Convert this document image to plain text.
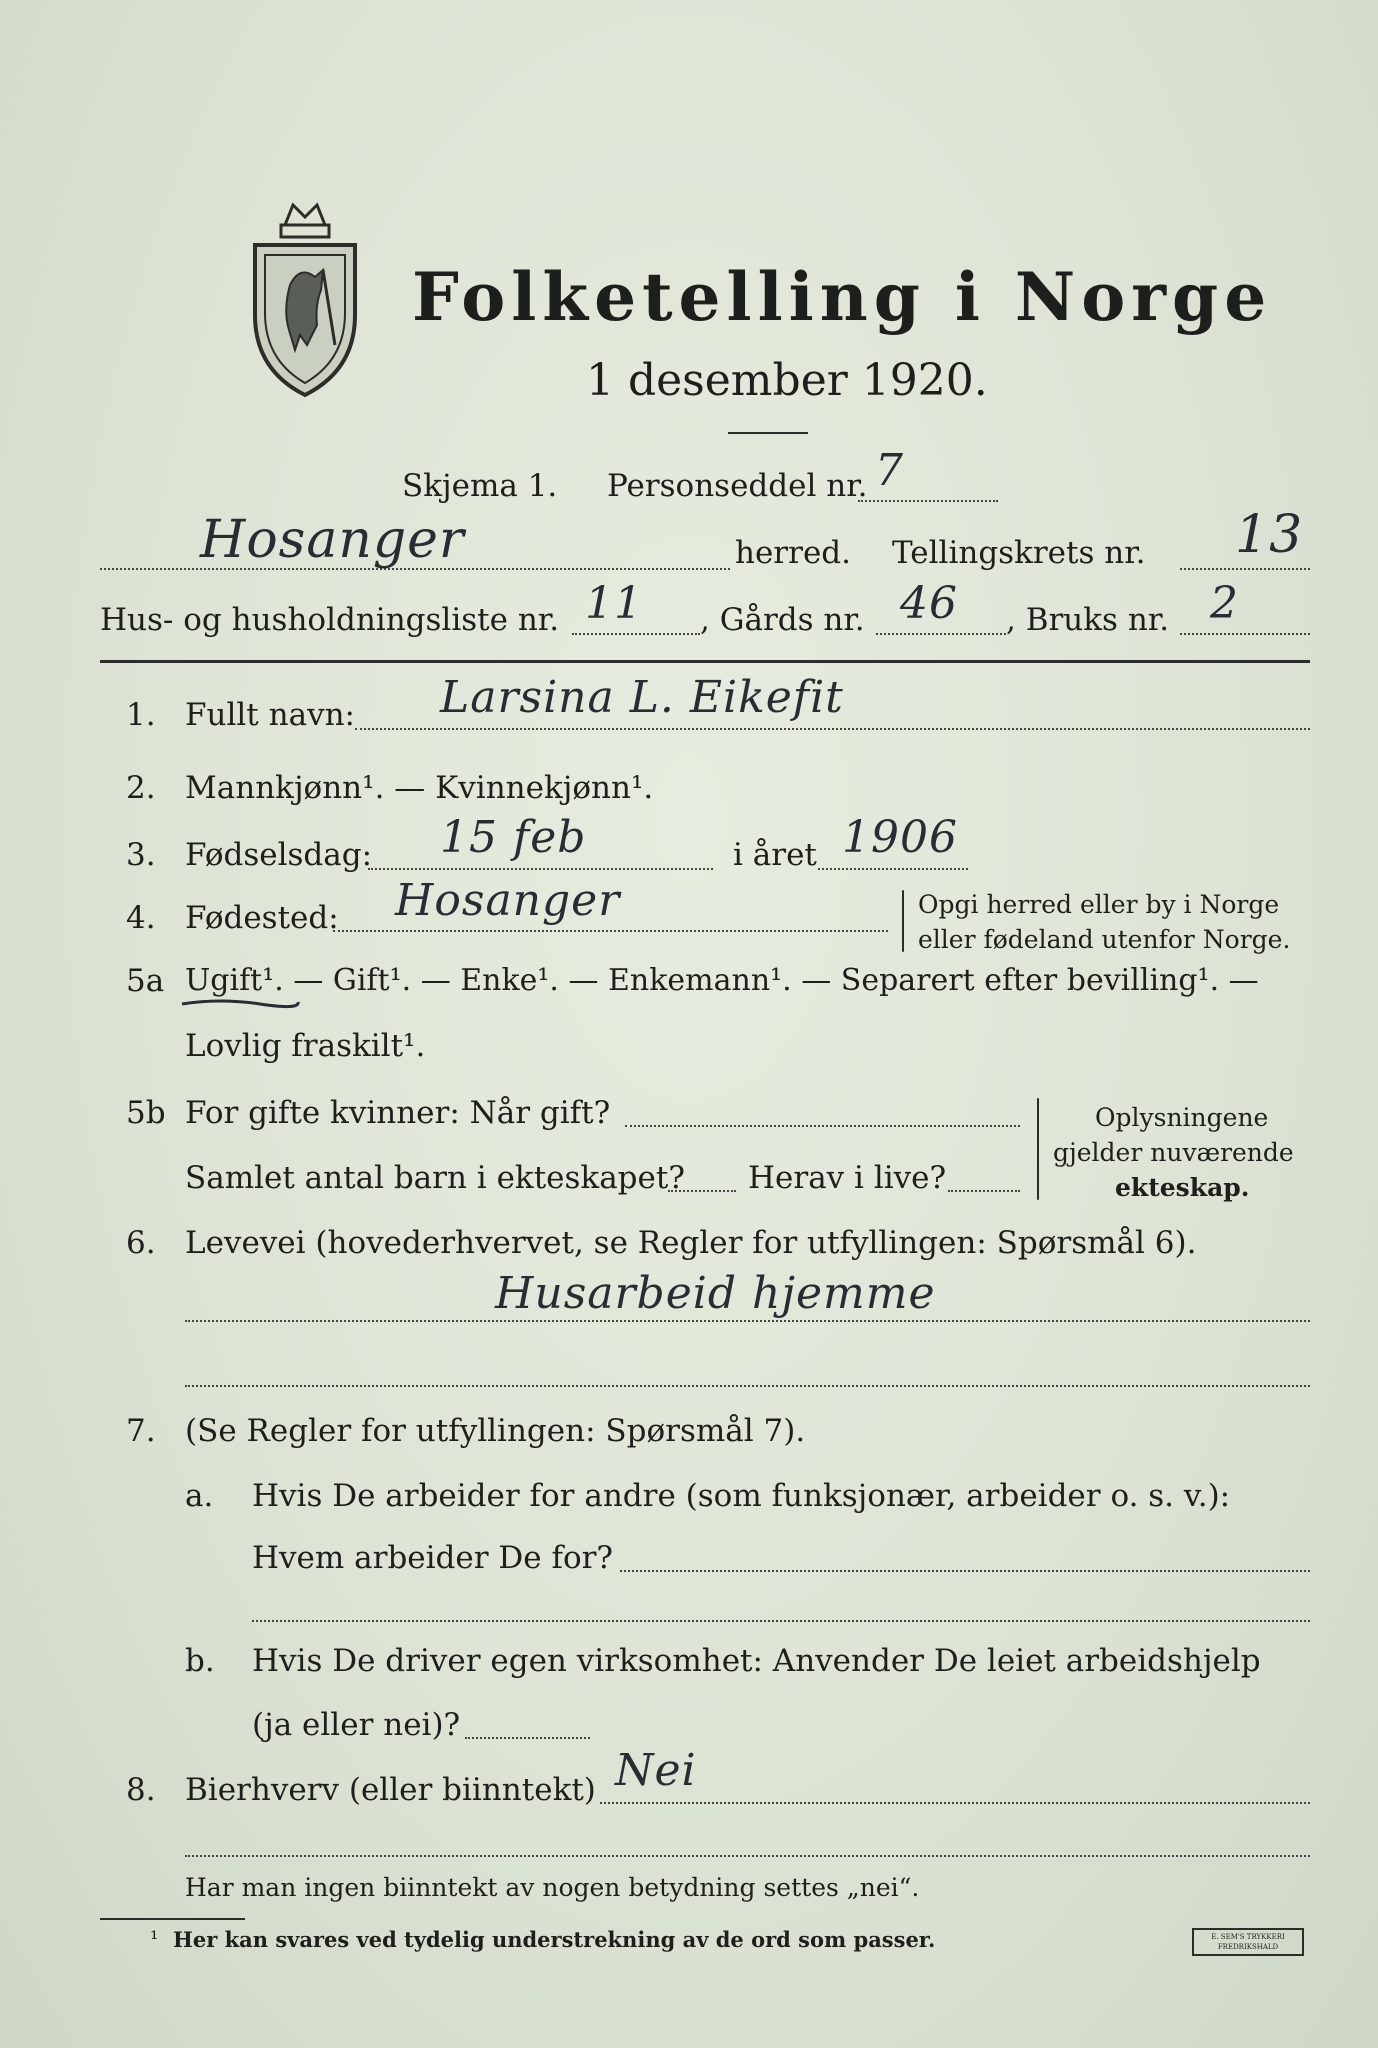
Folketelling i Norge
1 desember 1920.
Skjema 1. Personseddel nr. 7
Hosanger	herred. Tellingskrets nr. 13
Hus- og husholdningsliste nr. 11 , Gårds nr. 46 , Bruks nr. 2
1. Fullt navn: Larsina L. Eikefit
2. Mannkjønn¹. — Kvinnekjønn¹.
3. Fødselsdag: 15 feb	i året 1906
4. Fødested: Hosanger	Opgi herred eller by i Norge
eller fødeland utenfor Norge.
5a Ugift¹. — Gift¹. — Enke¹. — Enkemann¹. — Separert efter bevilling¹. —
Lovlig fraskilt¹.
5b For gifte kvinner: Når gift?
Samlet antal barn i ekteskapet? Herav i live?
Oplysningene
gjelder nuværende
ekteskap.
6. Levevei (hovederhvervet, se Regler for utfyllingen: Spørsmål 6).
Husarbeid hjemme
7. (Se Regler for utfyllingen: Spørsmål 7).
a. Hvis De arbeider for andre (som funksjonær, arbeider o. s. v.):
Hvem arbeider De for?
b. Hvis De driver egen virksomhet: Anvender De leiet arbeidshjelp
(ja eller nei)?
8. Bierhverv (eller biinntekt) Nei
Har man ingen biinntekt av nogen betydning settes „nei“.
¹ Her kan svares ved tydelig understrekning av de ord som passer.	E. SEM'S TRYKKERI FREDRIKSHALD
